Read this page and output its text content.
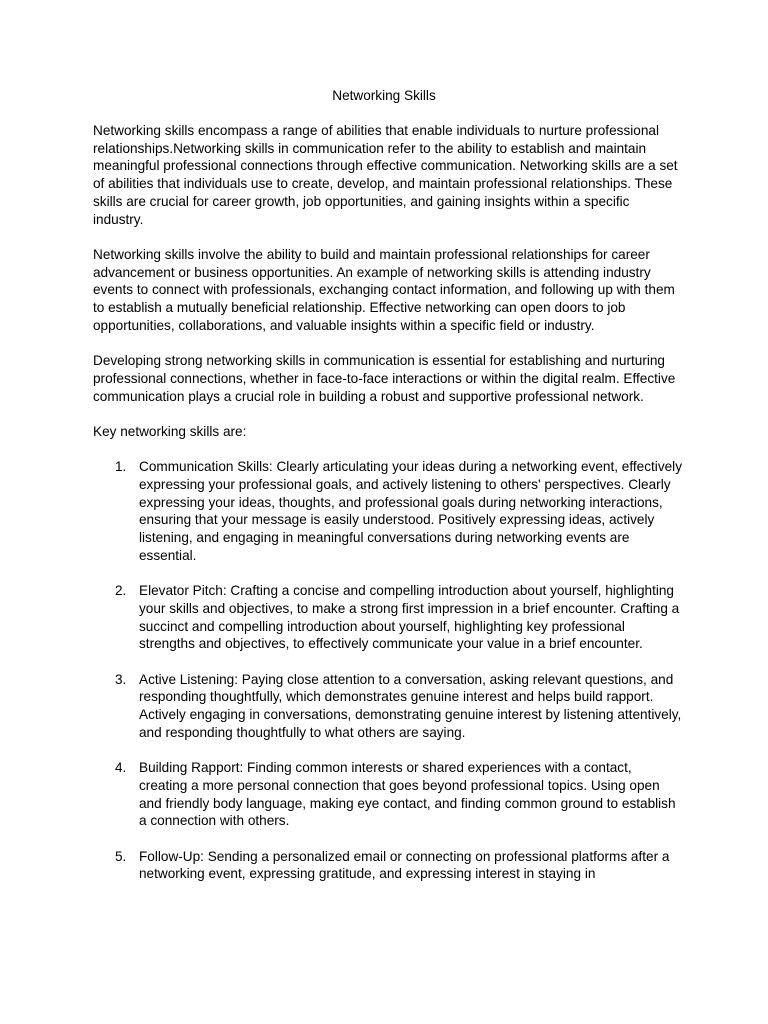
Networking Skills

Networking skills encompass a range of abilities that enable individuals to nurture professional relationships.Networking skills in communication refer to the ability to establish and maintain meaningful professional connections through effective communication. Networking skills are a set of abilities that individuals use to create, develop, and maintain professional relationships. These skills are crucial for career growth, job opportunities, and gaining insights within a specific industry.

Networking skills involve the ability to build and maintain professional relationships for career advancement or business opportunities. An example of networking skills is attending industry events to connect with professionals, exchanging contact information, and following up with them to establish a mutually beneficial relationship. Effective networking can open doors to job opportunities, collaborations, and valuable insights within a specific field or industry.

Developing strong networking skills in communication is essential for establishing and nurturing professional connections, whether in face-to-face interactions or within the digital realm. Effective communication plays a crucial role in building a robust and supportive professional network.

Key networking skills are:

1. Communication Skills: Clearly articulating your ideas during a networking event, effectively expressing your professional goals, and actively listening to others' perspectives. Clearly expressing your ideas, thoughts, and professional goals during networking interactions, ensuring that your message is easily understood. Positively expressing ideas, actively listening, and engaging in meaningful conversations during networking events are essential.
2. Elevator Pitch: Crafting a concise and compelling introduction about yourself, highlighting your skills and objectives, to make a strong first impression in a brief encounter. Crafting a succinct and compelling introduction about yourself, highlighting key professional strengths and objectives, to effectively communicate your value in a brief encounter.
3. Active Listening: Paying close attention to a conversation, asking relevant questions, and responding thoughtfully, which demonstrates genuine interest and helps build rapport. Actively engaging in conversations, demonstrating genuine interest by listening attentively, and responding thoughtfully to what others are saying.
4. Building Rapport: Finding common interests or shared experiences with a contact, creating a more personal connection that goes beyond professional topics. Using open and friendly body language, making eye contact, and finding common ground to establish a connection with others.
5. Follow-Up: Sending a personalized email or connecting on professional platforms after a networking event, expressing gratitude, and expressing interest in staying in
